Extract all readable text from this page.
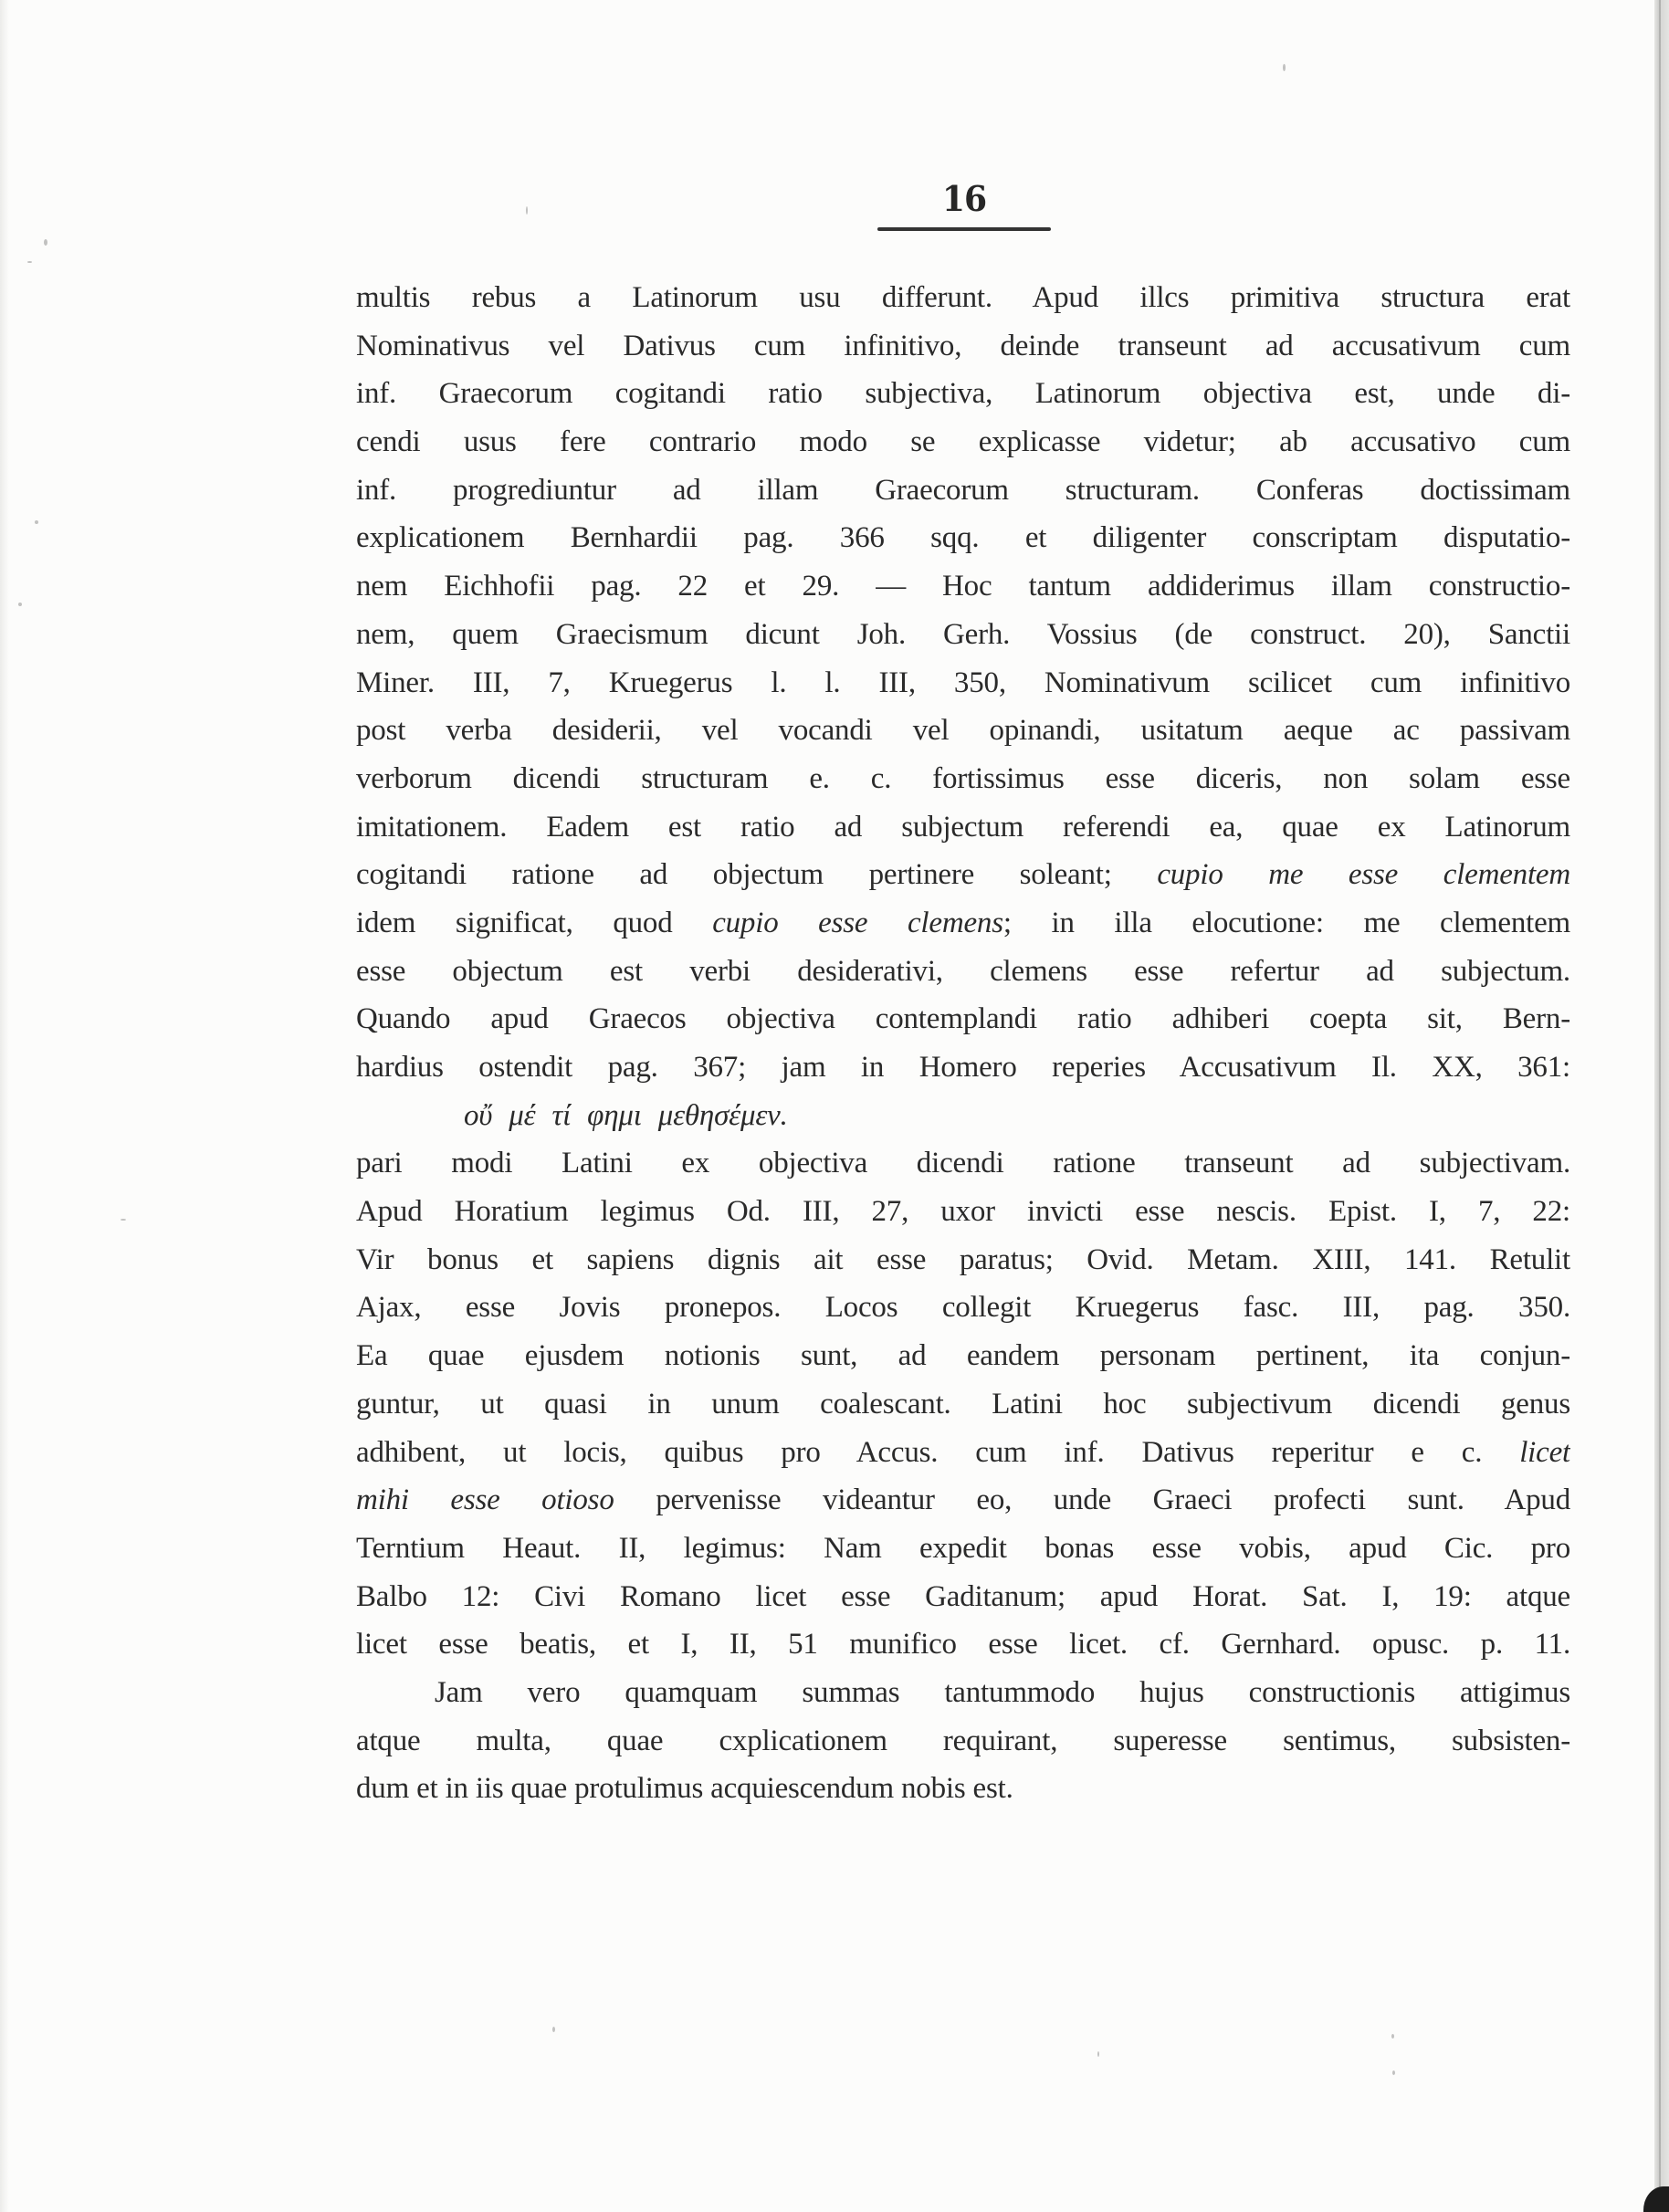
16
multis rebus a Latinorum usu differunt. Apud illcs primitiva structura erat
Nominativus vel Dativus cum infinitivo, deinde transeunt ad accusativum cum
inf. Graecorum cogitandi ratio subjectiva, Latinorum objectiva est, unde di-
cendi usus fere contrario modo se explicasse videtur; ab accusativo cum
inf. progrediuntur ad illam Graecorum structuram. Conferas doctissimam
explicationem Bernhardii pag. 366 sqq. et diligenter conscriptam disputatio-
nem Eichhofii pag. 22 et 29. — Hoc tantum addiderimus illam constructio-
nem, quem Graecismum dicunt Joh. Gerh. Vossius (de construct. 20), Sanctii
Miner. III, 7, Kruegerus l. l. III, 350, Nominativum scilicet cum infinitivo
post verba desiderii, vel vocandi vel opinandi, usitatum aeque ac passivam
verborum dicendi structuram e. c. fortissimus esse diceris, non solam esse
imitationem. Eadem est ratio ad subjectum referendi ea, quae ex Latinorum
cogitandi ratione ad objectum pertinere soleant; cupio me esse clementem
idem significat, quod cupio esse clemens; in illa elocutione: me clementem
esse objectum est verbi desiderativi, clemens esse refertur ad subjectum.
Quando apud Graecos objectiva contemplandi ratio adhiberi coepta sit, Bern-
hardius ostendit pag. 367; jam in Homero reperies Accusativum Il. XX, 361:
οὔ μέ τί φημι μεθησέμεν.
pari modi Latini ex objectiva dicendi ratione transeunt ad subjectivam.
Apud Horatium legimus Od. III, 27, uxor invicti esse nescis. Epist. I, 7, 22:
Vir bonus et sapiens dignis ait esse paratus; Ovid. Metam. XIII, 141. Retulit
Ajax, esse Jovis pronepos. Locos collegit Kruegerus fasc. III, pag. 350.
Ea quae ejusdem notionis sunt, ad eandem personam pertinent, ita conjun-
guntur, ut quasi in unum coalescant. Latini hoc subjectivum dicendi genus
adhibent, ut locis, quibus pro Accus. cum inf. Dativus reperitur e c. licet
mihi esse otioso pervenisse videantur eo, unde Graeci profecti sunt. Apud
Terntium Heaut. II, legimus: Nam expedit bonas esse vobis, apud Cic. pro
Balbo 12: Civi Romano licet esse Gaditanum; apud Horat. Sat. I, 19: atque
licet esse beatis, et I, II, 51 munifico esse licet. cf. Gernhard. opusc. p. 11.
Jam vero quamquam summas tantummodo hujus constructionis attigimus
atque multa, quae cxplicationem requirant, superesse sentimus, subsisten-
dum et in iis quae protulimus acquiescendum nobis est.
